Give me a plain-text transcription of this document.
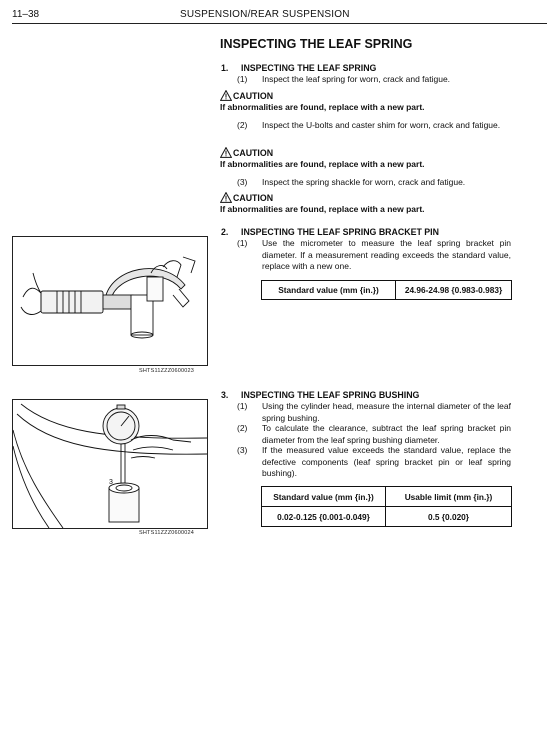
11–38	SUSPENSION/REAR SUSPENSION
INSPECTING THE LEAF SPRING
1. INSPECTING THE LEAF SPRING
(1) Inspect the leaf spring for worn, crack and fatigue.
CAUTION
If abnormalities are found, replace with a new part.
(2) Inspect the U-bolts and caster shim for worn, crack and fatigue.
CAUTION
If abnormalities are found, replace with a new part.
(3) Inspect the spring shackle for worn, crack and fatigue.
CAUTION
If abnormalities are found, replace with a new part.
2. INSPECTING THE LEAF SPRING BRACKET PIN
(1) Use the micrometer to measure the leaf spring bracket pin diameter. If a measurement reading exceeds the standard value, replace with a new one.
Standard value (mm {in.})	24.96-24.98 {0.983-0.983}
3. INSPECTING THE LEAF SPRING BUSHING
(1) Using the cylinder head, measure the internal diameter of the leaf spring bushing.
(2) To calculate the clearance, subtract the leaf spring bracket pin diameter from the leaf spring bushing diameter.
(3) If the measured value exceeds the standard value, replace the defective components (leaf spring bracket pin or leaf spring bushing).
Standard value (mm {in.})	Usable limit (mm {in.})
0.02-0.125 {0.001-0.049}	0.5 {0.020}
SHTS11ZZZ0600023
3
SHTS11ZZZ0600024
